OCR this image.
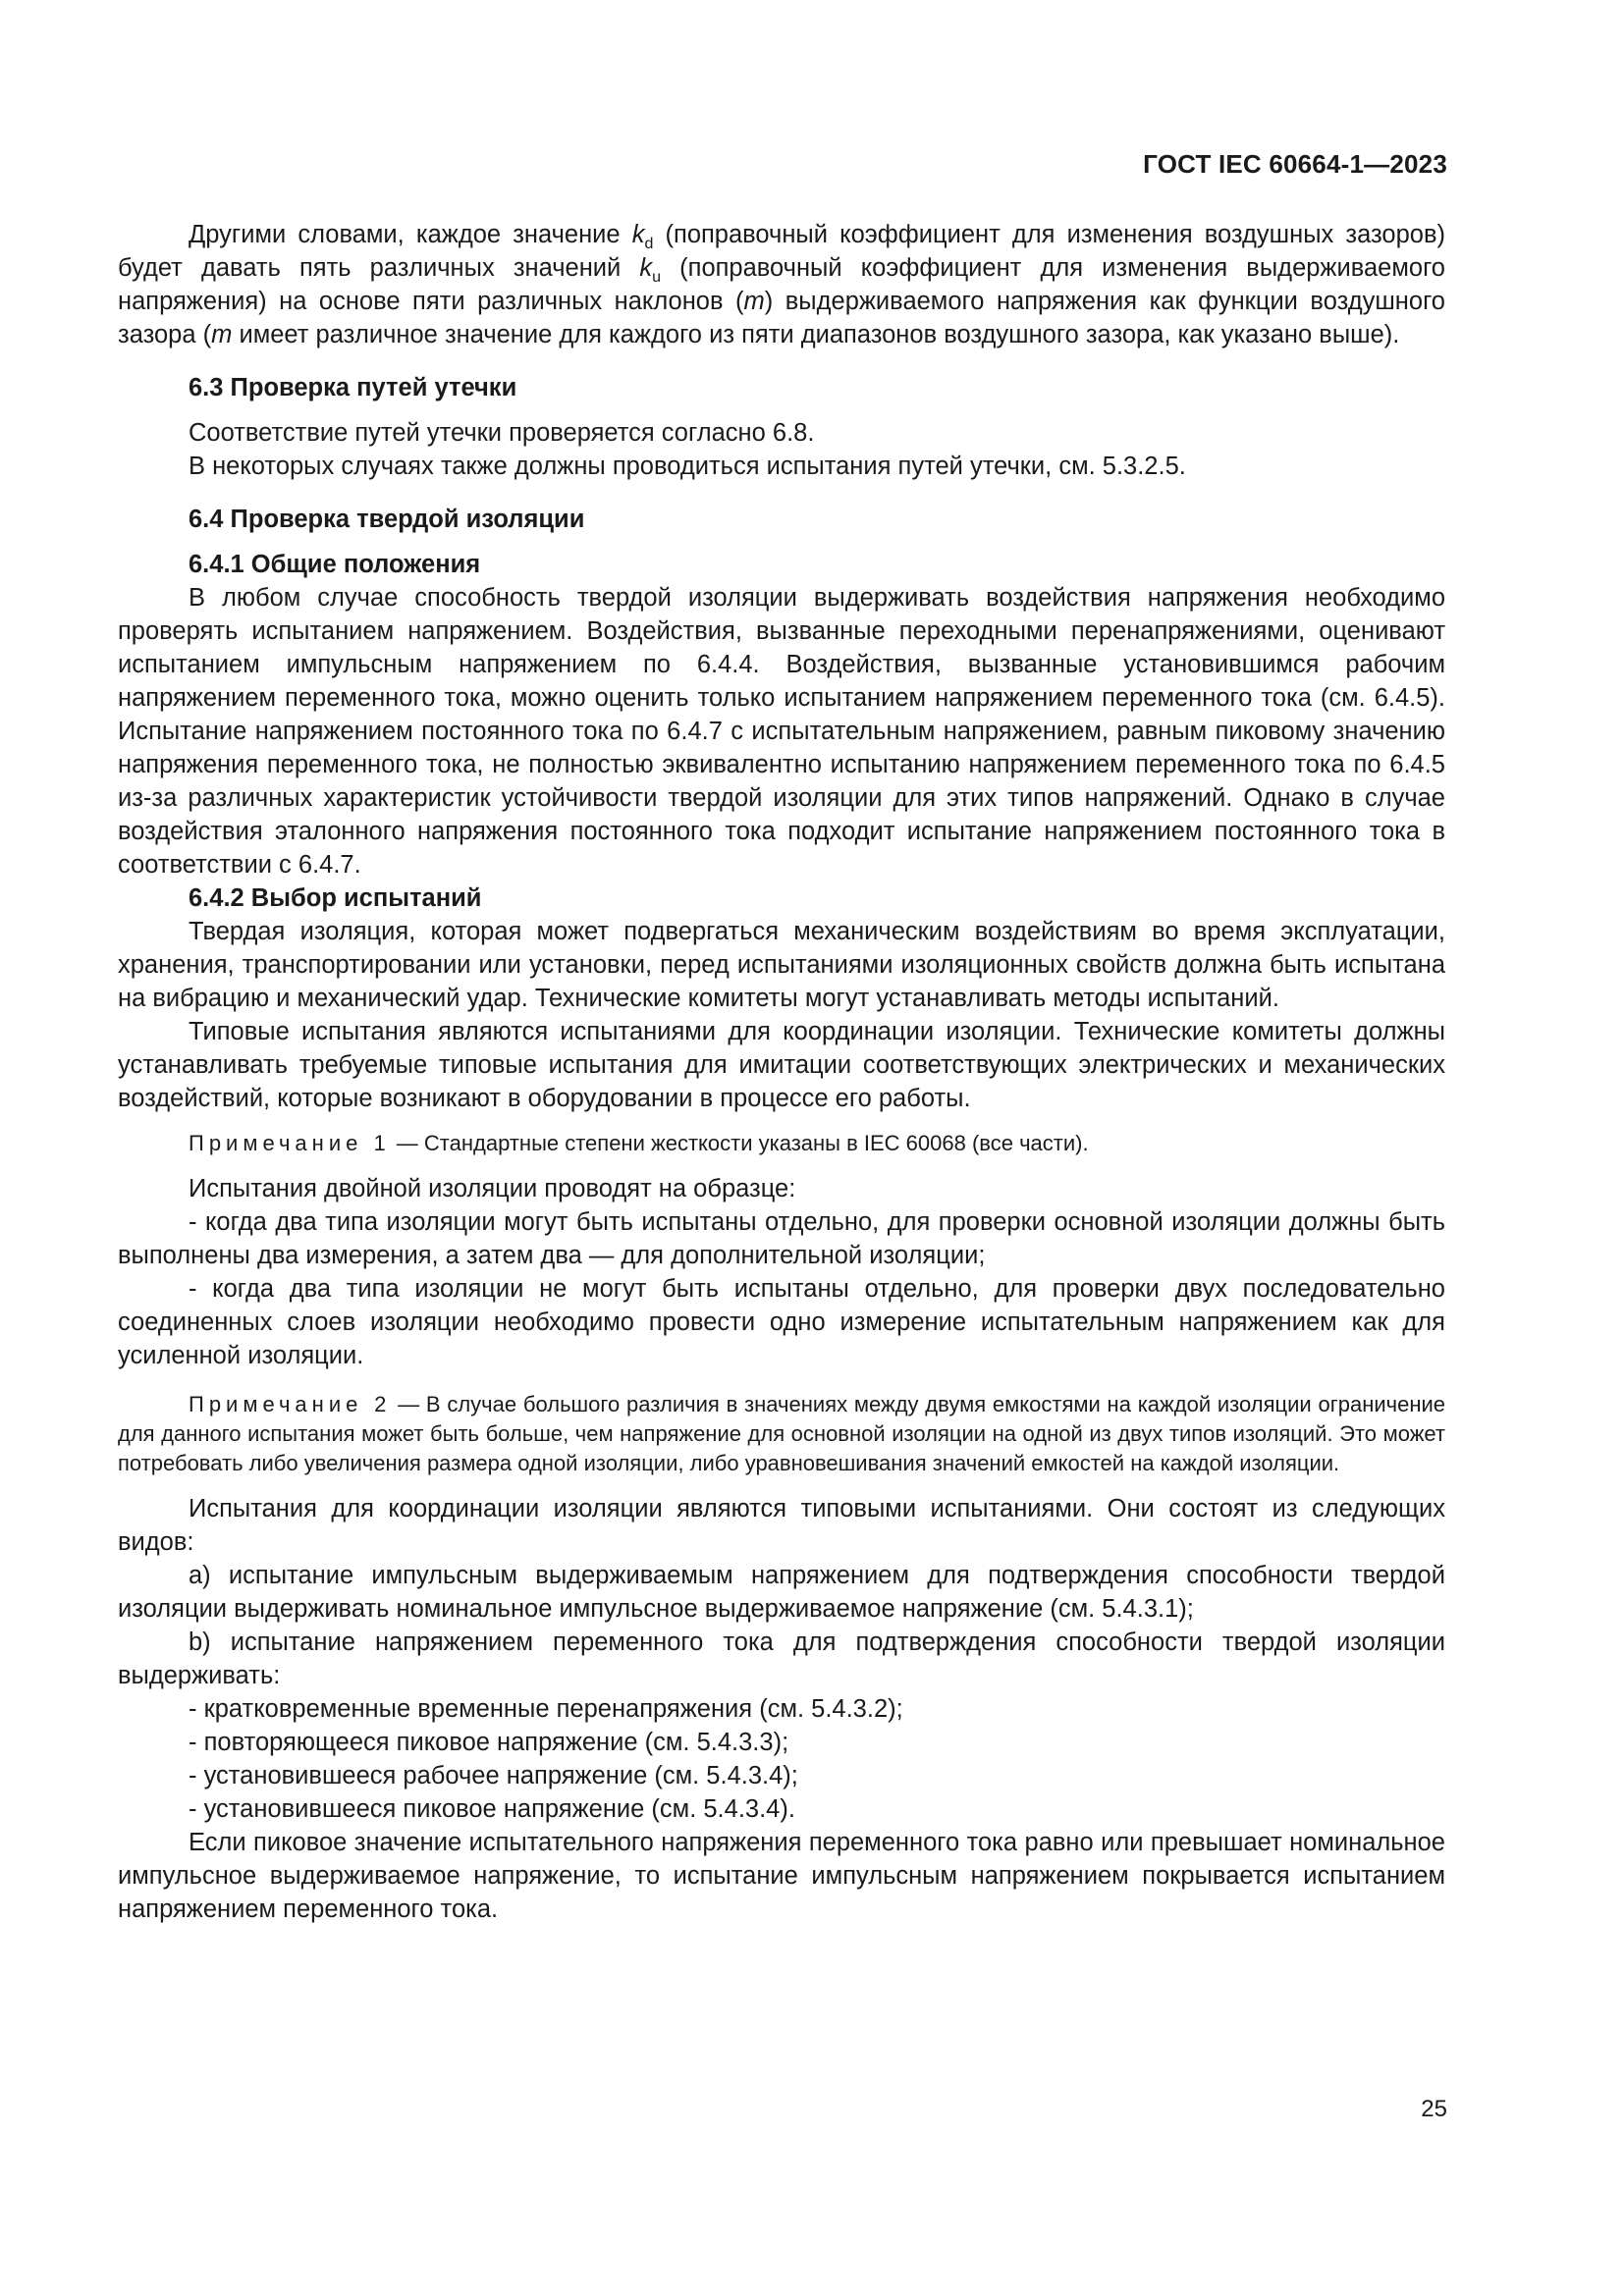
ГОСТ IEC 60664-1—2023

Другими словами, каждое значение $k_d$ (поправочный коэффициент для изменения воздушных зазоров) будет давать пять различных значений $k_u$ (поправочный коэффициент для изменения выдерживаемого напряжения) на основе пяти различных наклонов (m) выдерживаемого напряжения как функции воздушного зазора (m имеет различное значение для каждого из пяти диапазонов воздушного зазора, как указано выше).

6.3 Проверка путей утечки

Соответствие путей утечки проверяется согласно 6.8.

В некоторых случаях также должны проводиться испытания путей утечки, см. 5.3.2.5.

6.4 Проверка твердой изоляции

6.4.1 Общие положения

В любом случае способность твердой изоляции выдерживать воздействия напряжения необходимо проверять испытанием напряжением. Воздействия, вызванные переходными перенапряжениями, оценивают испытанием импульсным напряжением по 6.4.4. Воздействия, вызванные установившимся рабочим напряжением переменного тока, можно оценить только испытанием напряжением переменного тока (см. 6.4.5). Испытание напряжением постоянного тока по 6.4.7 с испытательным напряжением, равным пиковому значению напряжения переменного тока, не полностью эквивалентно испытанию напряжением переменного тока по 6.4.5 из-за различных характеристик устойчивости твердой изоляции для этих типов напряжений. Однако в случае воздействия эталонного напряжения постоянного тока подходит испытание напряжением постоянного тока в соответствии с 6.4.7.

6.4.2 Выбор испытаний

Твердая изоляция, которая может подвергаться механическим воздействиям во время эксплуатации, хранения, транспортировании или установки, перед испытаниями изоляционных свойств должна быть испытана на вибрацию и механический удар. Технические комитеты могут устанавливать методы испытаний.

Типовые испытания являются испытаниями для координации изоляции. Технические комитеты должны устанавливать требуемые типовые испытания для имитации соответствующих электрических и механических воздействий, которые возникают в оборудовании в процессе его работы.

Примечание 1 — Стандартные степени жесткости указаны в IEC 60068 (все части).

Испытания двойной изоляции проводят на образце:

- когда два типа изоляции могут быть испытаны отдельно, для проверки основной изоляции должны быть выполнены два измерения, а затем два — для дополнительной изоляции;

- когда два типа изоляции не могут быть испытаны отдельно, для проверки двух последовательно соединенных слоев изоляции необходимо провести одно измерение испытательным напряжением как для усиленной изоляции.

Примечание 2 — В случае большого различия в значениях между двумя емкостями на каждой изоляции ограничение для данного испытания может быть больше, чем напряжение для основной изоляции на одной из двух типов изоляций. Это может потребовать либо увеличения размера одной изоляции, либо уравновешивания значений емкостей на каждой изоляции.

Испытания для координации изоляции являются типовыми испытаниями. Они состоят из следующих видов:

a) испытание импульсным выдерживаемым напряжением для подтверждения способности твердой изоляции выдерживать номинальное импульсное выдерживаемое напряжение (см. 5.4.3.1);

b) испытание напряжением переменного тока для подтверждения способности твердой изоляции выдерживать:

- кратковременные временные перенапряжения (см. 5.4.3.2);

- повторяющееся пиковое напряжение (см. 5.4.3.3);

- установившееся рабочее напряжение (см. 5.4.3.4);

- установившееся пиковое напряжение (см. 5.4.3.4).

Если пиковое значение испытательного напряжения переменного тока равно или превышает номинальное импульсное выдерживаемое напряжение, то испытание импульсным напряжением покрывается испытанием напряжением переменного тока.

25
